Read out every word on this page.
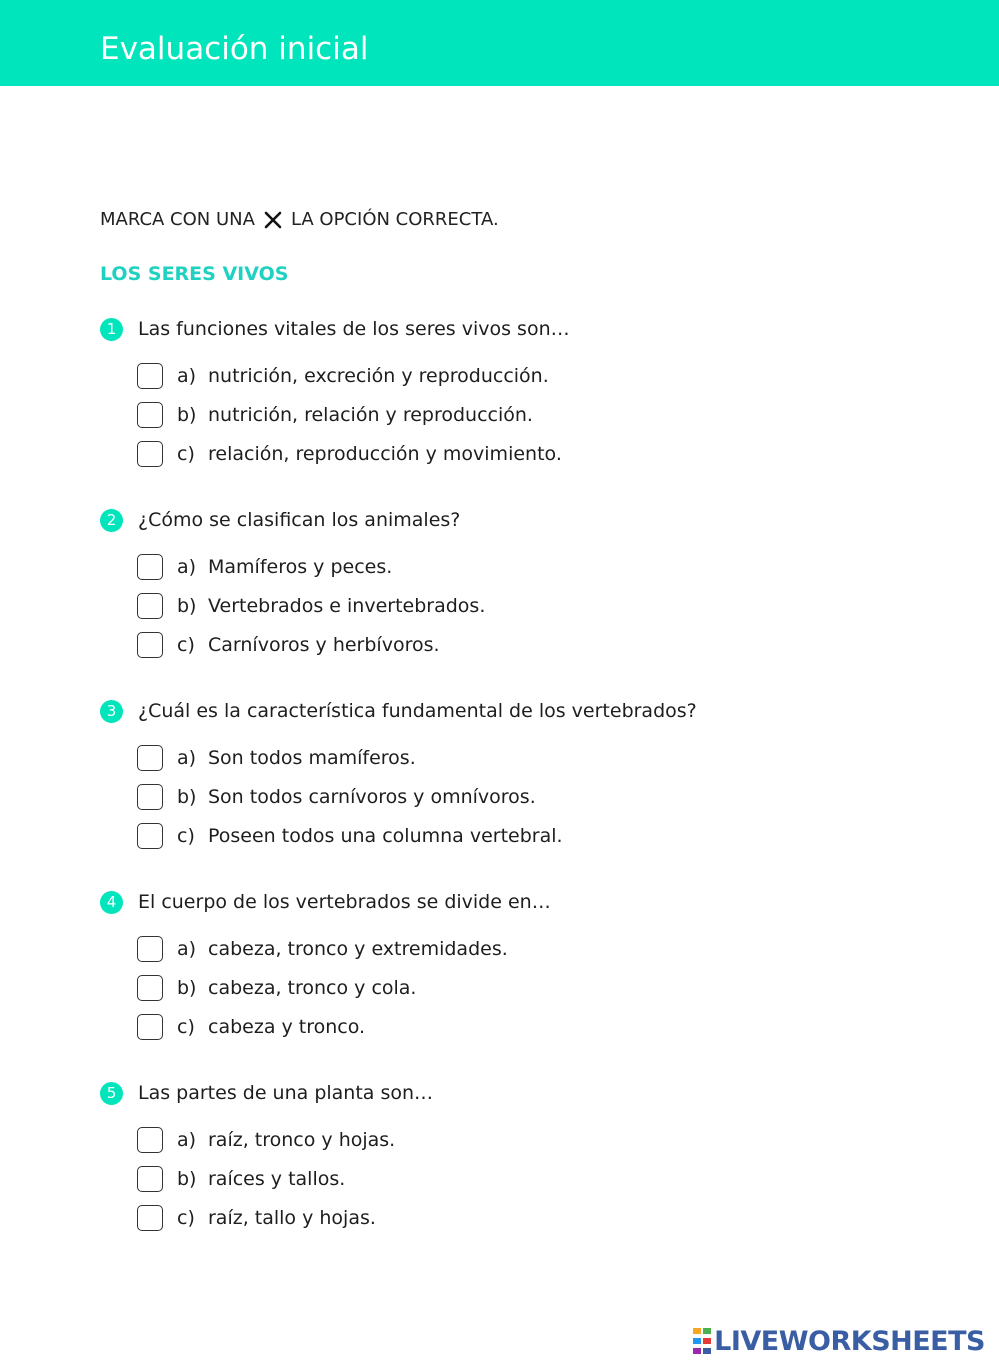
Evaluación inicial
MARCA CON UNA LA OPCIÓN CORRECTA.
LOS SERES VIVOS
1	Las funciones vitales de los seres vivos son…
a) nutrición, excreción y reproducción.
b) nutrición, relación y reproducción.
c) relación, reproducción y movimiento.
2	¿Cómo se clasifican los animales?
a) Mamíferos y peces.
b) Vertebrados e invertebrados.
c) Carnívoros y herbívoros.
3	¿Cuál es la característica fundamental de los vertebrados?
a) Son todos mamíferos.
b) Son todos carnívoros y omnívoros.
c) Poseen todos una columna vertebral.
4	El cuerpo de los vertebrados se divide en…
a) cabeza, tronco y extremidades.
b) cabeza, tronco y cola.
c) cabeza y tronco.
5	Las partes de una planta son…
a) raíz, tronco y hojas.
b) raíces y tallos.
c) raíz, tallo y hojas.
LIVEWORKSHEETS
